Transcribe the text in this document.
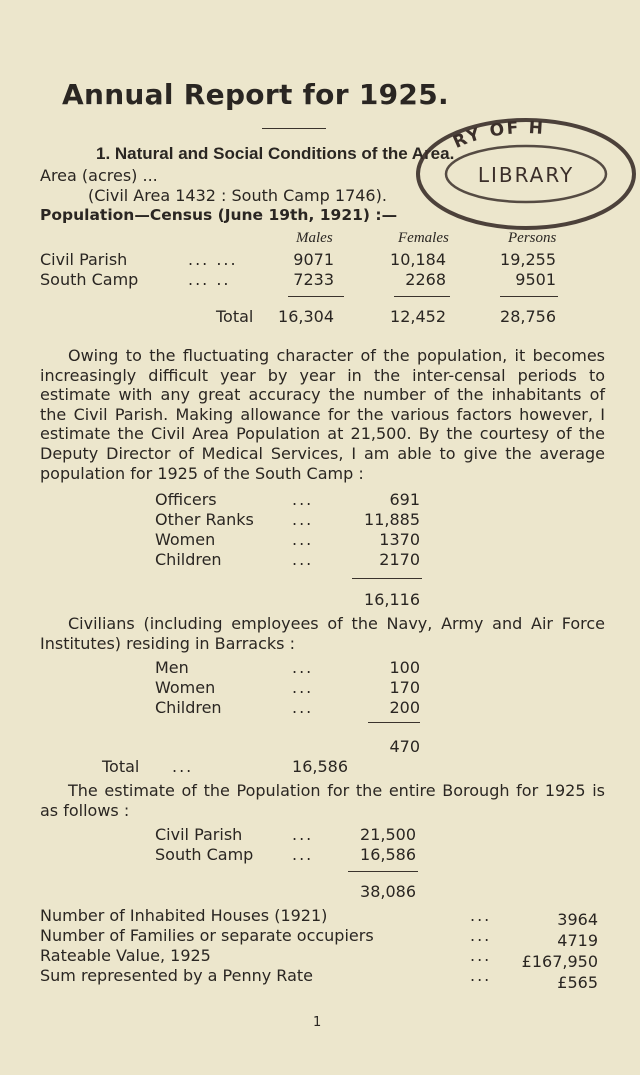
Annual Report for 1925.
1. Natural and Social Conditions of the Area.
Area (acres) ...
(Civil Area 1432 : South Camp 1746).
Population—Census (June 19th, 1921) :—
Males	Females	Persons
Civil Parish	... ...	9071	10,184	19,255
South Camp	... ..	7233	2268	9501
Total	16,304	12,452	28,756

Owing to the fluctuating character of the population, it becomes increasingly difficult year by year in the inter-censal periods to estimate with any great accuracy the number of the inhabitants of the Civil Parish. Making allowance for the various factors however, I estimate the Civil Area Population at 21,500. By the courtesy of the Deputy Director of Medical Services, I am able to give the average population for 1925 of the South Camp :

Officers	...	691
Other Ranks ...	11,885
Women	...	1370
Children	...	2170
16,116
Civilians (including employees of the Navy, Army and Air Force Institutes) residing in Barracks :
Men	...	100
Women	...	170
Children	...	200
470
Total ...	16,586
The estimate of the Population for the entire Borough for 1925 is as follows :
Civil Parish	...	21,500
South Camp ...	16,586
38,086
Number of Inhabited Houses (1921)	...	3964
Number of Families or separate occupiers	...	4719
Rateable Value, 1925	...	£167,950
Sum represented by a Penny Rate	...	£565
1
RY OF H
LIBRARY
